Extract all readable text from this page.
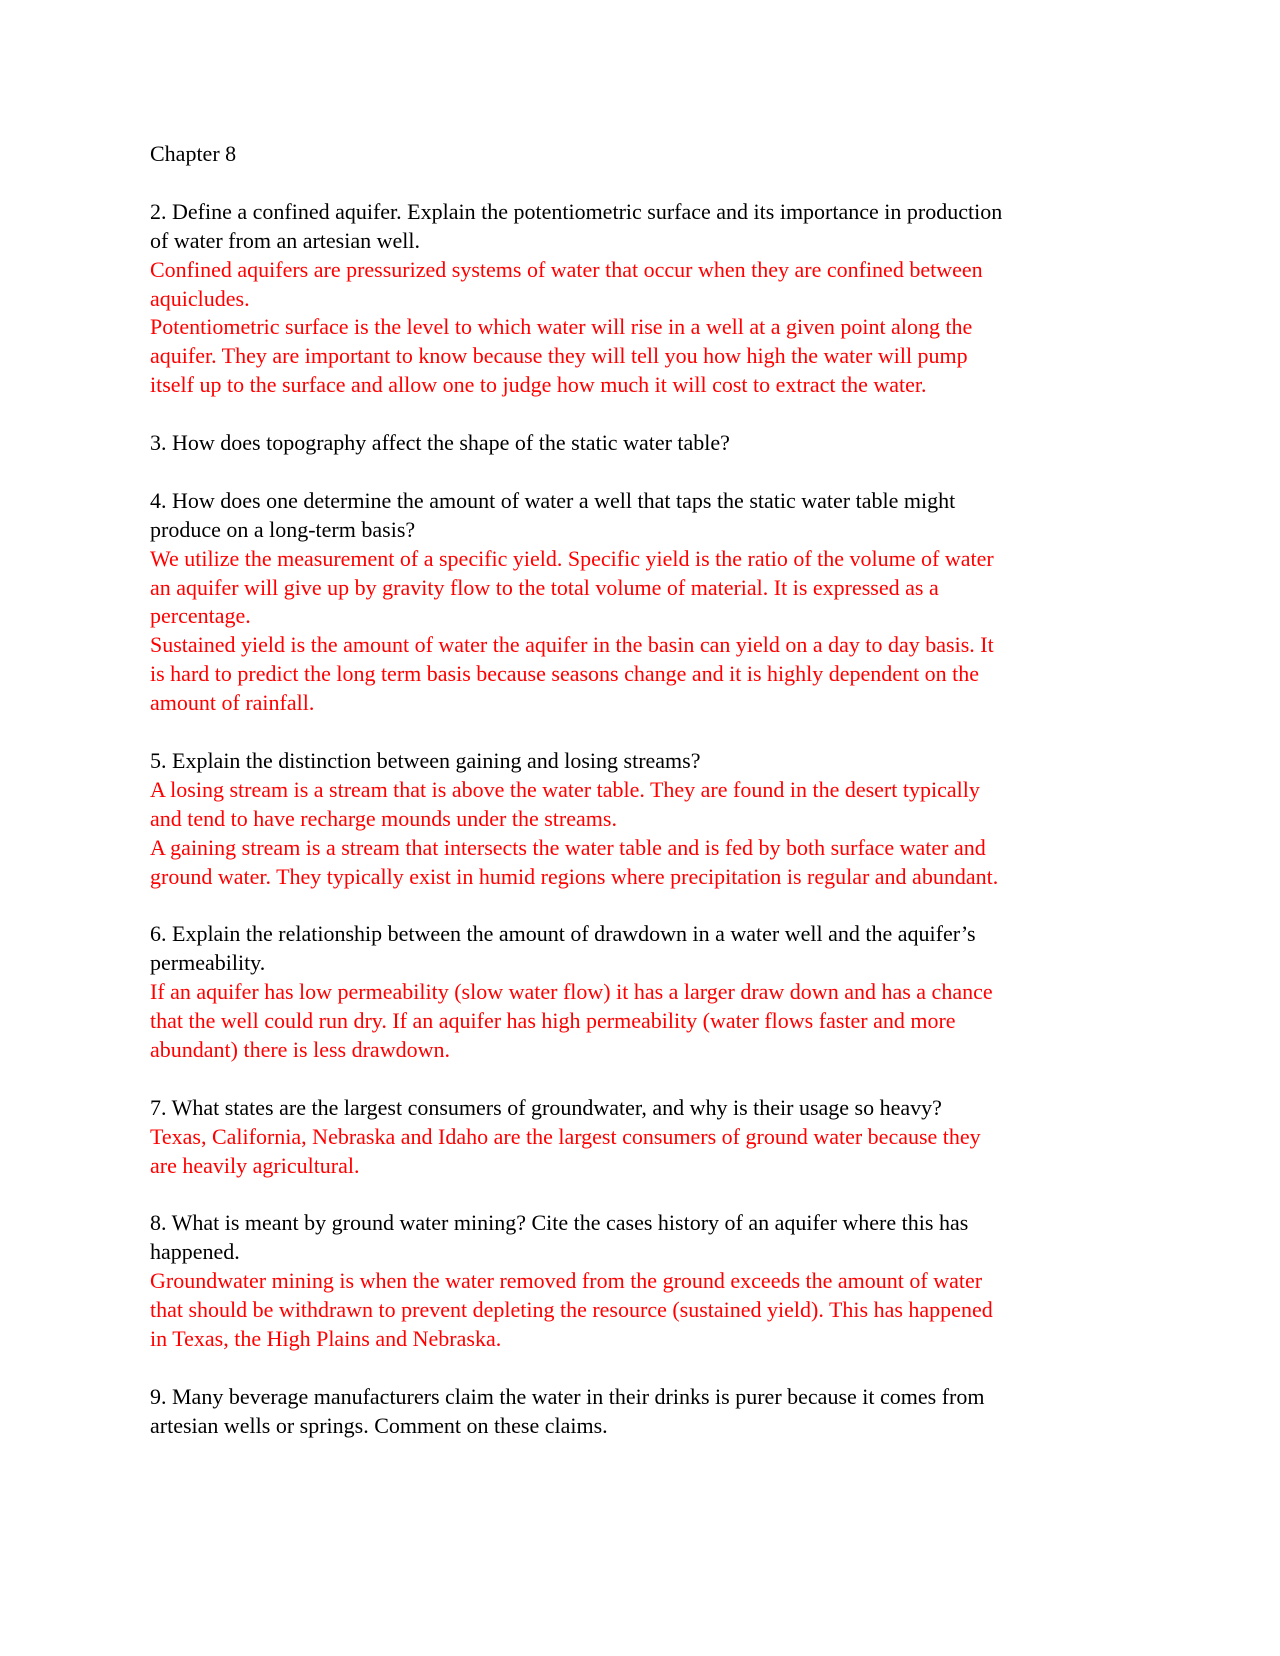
Chapter 8

2. Define a confined aquifer. Explain the potentiometric surface and its importance in production

of water from an artesian well.

Confined aquifers are pressurized systems of water that occur when they are confined between

aquicludes.

Potentiometric surface is the level to which water will rise in a well at a given point along the

aquifer. They are important to know because they will tell you how high the water will pump

itself up to the surface and allow one to judge how much it will cost to extract the water.

3. How does topography affect the shape of the static water table?

4. How does one determine the amount of water a well that taps the static water table might

produce on a long-term basis?

We utilize the measurement of a specific yield. Specific yield is the ratio of the volume of water

an aquifer will give up by gravity flow to the total volume of material. It is expressed as a

percentage.

Sustained yield is the amount of water the aquifer in the basin can yield on a day to day basis. It

is hard to predict the long term basis because seasons change and it is highly dependent on the

amount of rainfall.

5. Explain the distinction between gaining and losing streams?

A losing stream is a stream that is above the water table. They are found in the desert typically

and tend to have recharge mounds under the streams.

A gaining stream is a stream that intersects the water table and is fed by both surface water and

ground water. They typically exist in humid regions where precipitation is regular and abundant.

6. Explain the relationship between the amount of drawdown in a water well and the aquifer’s

permeability.

If an aquifer has low permeability (slow water flow) it has a larger draw down and has a chance

that the well could run dry. If an aquifer has high permeability (water flows faster and more

abundant) there is less drawdown.

7. What states are the largest consumers of groundwater, and why is their usage so heavy?

Texas, California, Nebraska and Idaho are the largest consumers of ground water because they

are heavily agricultural.

8. What is meant by ground water mining? Cite the cases history of an aquifer where this has

happened.

Groundwater mining is when the water removed from the ground exceeds the amount of water

that should be withdrawn to prevent depleting the resource (sustained yield). This has happened

in Texas, the High Plains and Nebraska.

9. Many beverage manufacturers claim the water in their drinks is purer because it comes from

artesian wells or springs. Comment on these claims.
